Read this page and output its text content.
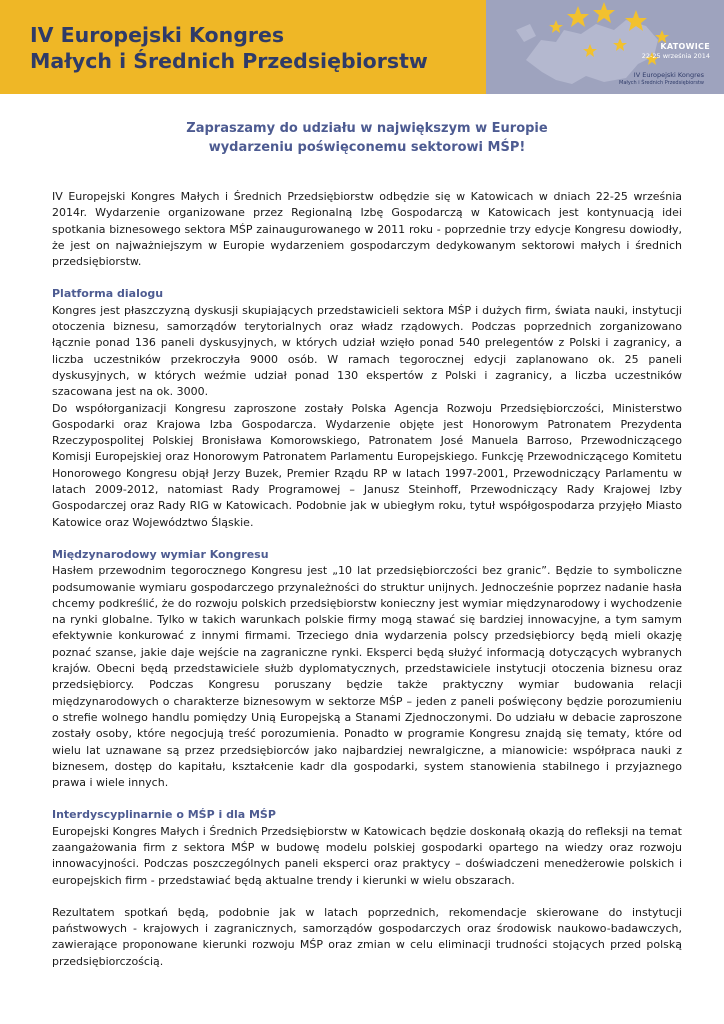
IV Europejski Kongres
Małych i Średnich Przedsiębiorstw
KATOWICE
22-25 września 2014
IV Europejski Kongres
Małych i Średnich Przedsiębiorstw
Zapraszamy do udziału w największym w Europie
wydarzeniu poświęconemu sektorowi MŚP!

IV Europejski Kongres Małych i Średnich Przedsiębiorstw odbędzie się w Katowicach w dniach 22-25 września 2014r. Wydarzenie organizowane przez Regionalną Izbę Gospodarczą w Katowicach jest kontynuacją idei spotkania biznesowego sektora MŚP zainaugurowanego w 2011 roku - poprzednie trzy edycje Kongresu dowiodły, że jest on najważniejszym w Europie wydarzeniem gospodarczym dedykowanym sektorowi małych i średnich przedsiębiorstw.

Platforma dialogu

Kongres jest płaszczyzną dyskusji skupiających przedstawicieli sektora MŚP i dużych firm, świata nauki, instytucji otoczenia biznesu, samorządów terytorialnych oraz władz rządowych. Podczas poprzednich zorganizowano łącznie ponad 136 paneli dyskusyjnych, w których udział wzięło ponad 540 prelegentów z Polski i zagranicy, a liczba uczestników przekroczyła 9000 osób. W ramach tegorocznej edycji zaplanowano ok. 25 paneli dyskusyjnych, w których weźmie udział ponad 130 ekspertów z Polski i zagranicy, a liczba uczestników szacowana jest na ok. 3000.

Do współorganizacji Kongresu zaproszone zostały Polska Agencja Rozwoju Przedsiębiorczości, Ministerstwo Gospodarki oraz Krajowa Izba Gospodarcza. Wydarzenie objęte jest Honorowym Patronatem Prezydenta Rzeczypospolitej Polskiej Bronisława Komorowskiego, Patronatem José Manuela Barroso, Przewodniczącego Komisji Europejskiej oraz Honorowym Patronatem Parlamentu Europejskiego. Funkcję Przewodniczącego Komitetu Honorowego Kongresu objął Jerzy Buzek, Premier Rządu RP w latach 1997-2001, Przewodniczący Parlamentu w latach 2009-2012, natomiast Rady Programowej – Janusz Steinhoff, Przewodniczący Rady Krajowej Izby Gospodarczej oraz Rady RIG w Katowicach. Podobnie jak w ubiegłym roku, tytuł współgospodarza przyjęło Miasto Katowice oraz Województwo Śląskie.

Międzynarodowy wymiar Kongresu

Hasłem przewodnim tegorocznego Kongresu jest „10 lat przedsiębiorczości bez granic”. Będzie to symboliczne podsumowanie wymiaru gospodarczego przynależności do struktur unijnych. Jednocześnie poprzez nadanie hasła chcemy podkreślić, że do rozwoju polskich przedsiębiorstw konieczny jest wymiar międzynarodowy i wychodzenie na rynki globalne. Tylko w takich warunkach polskie firmy mogą stawać się bardziej innowacyjne, a tym samym efektywnie konkurować z innymi firmami. Trzeciego dnia wydarzenia polscy przedsiębiorcy będą mieli okazję poznać szanse, jakie daje wejście na zagraniczne rynki. Eksperci będą służyć informacją dotyczących wybranych krajów. Obecni będą przedstawiciele służb dyplomatycznych, przedstawiciele instytucji otoczenia biznesu oraz przedsiębiorcy. Podczas Kongresu poruszany będzie także praktyczny wymiar budowania relacji międzynarodowych o charakterze biznesowym w sektorze MŚP – jeden z paneli poświęcony będzie porozumieniu o strefie wolnego handlu pomiędzy Unią Europejską a Stanami Zjednoczonymi. Do udziału w debacie zaproszone zostały osoby, które negocjują treść porozumienia. Ponadto w programie Kongresu znajdą się tematy, które od wielu lat uznawane są przez przedsiębiorców jako najbardziej newralgiczne, a mianowicie: współpraca nauki z biznesem, dostęp do kapitału, kształcenie kadr dla gospodarki, system stanowienia stabilnego i przyjaznego prawa i wiele innych.

Interdyscyplinarnie o MŚP i dla MŚP

Europejski Kongres Małych i Średnich Przedsiębiorstw w Katowicach będzie doskonałą okazją do refleksji na temat zaangażowania firm z sektora MŚP w budowę modelu polskiej gospodarki opartego na wiedzy oraz rozwoju innowacyjności. Podczas poszczególnych paneli eksperci oraz praktycy – doświadczeni menedżerowie polskich i europejskich firm - przedstawiać będą aktualne trendy i kierunki w wielu obszarach.

Rezultatem spotkań będą, podobnie jak w latach poprzednich, rekomendacje skierowane do instytucji państwowych - krajowych i zagranicznych, samorządów gospodarczych oraz środowisk naukowo-badawczych, zawierające proponowane kierunki rozwoju MŚP oraz zmian w celu eliminacji trudności stojących przed polską przedsiębiorczością.
